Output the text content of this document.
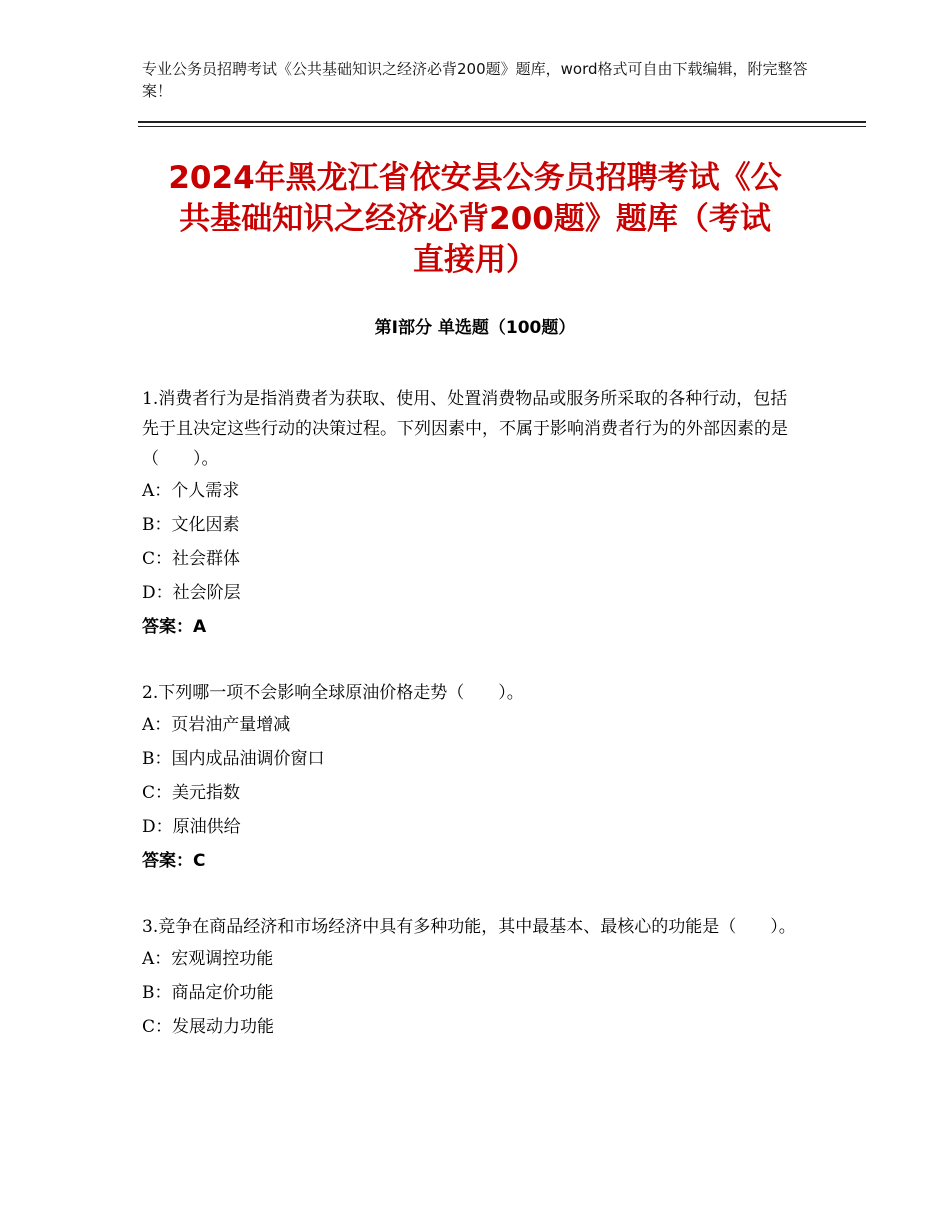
专业公务员招聘考试《公共基础知识之经济必背200题》题库，word格式可自由下载编辑，附完整答案！
2024年黑龙江省依安县公务员招聘考试《公
共基础知识之经济必背200题》题库（考试
直接用）
第Ⅰ部分 单选题（100题）

1.消费者行为是指消费者为获取、使用、处置消费物品或服务所采取的各种行动，包括先于且决定这些行动的决策过程。下列因素中，不属于影响消费者行为的外部因素的是（　　）。

A：个人需求

B：文化因素

C：社会群体

D：社会阶层

答案：A

2.下列哪一项不会影响全球原油价格走势（　　）。

A：页岩油产量增减

B：国内成品油调价窗口

C：美元指数

D：原油供给

答案：C

3.竞争在商品经济和市场经济中具有多种功能，其中最基本、最核心的功能是（　　）。

A：宏观调控功能

B：商品定价功能

C：发展动力功能
